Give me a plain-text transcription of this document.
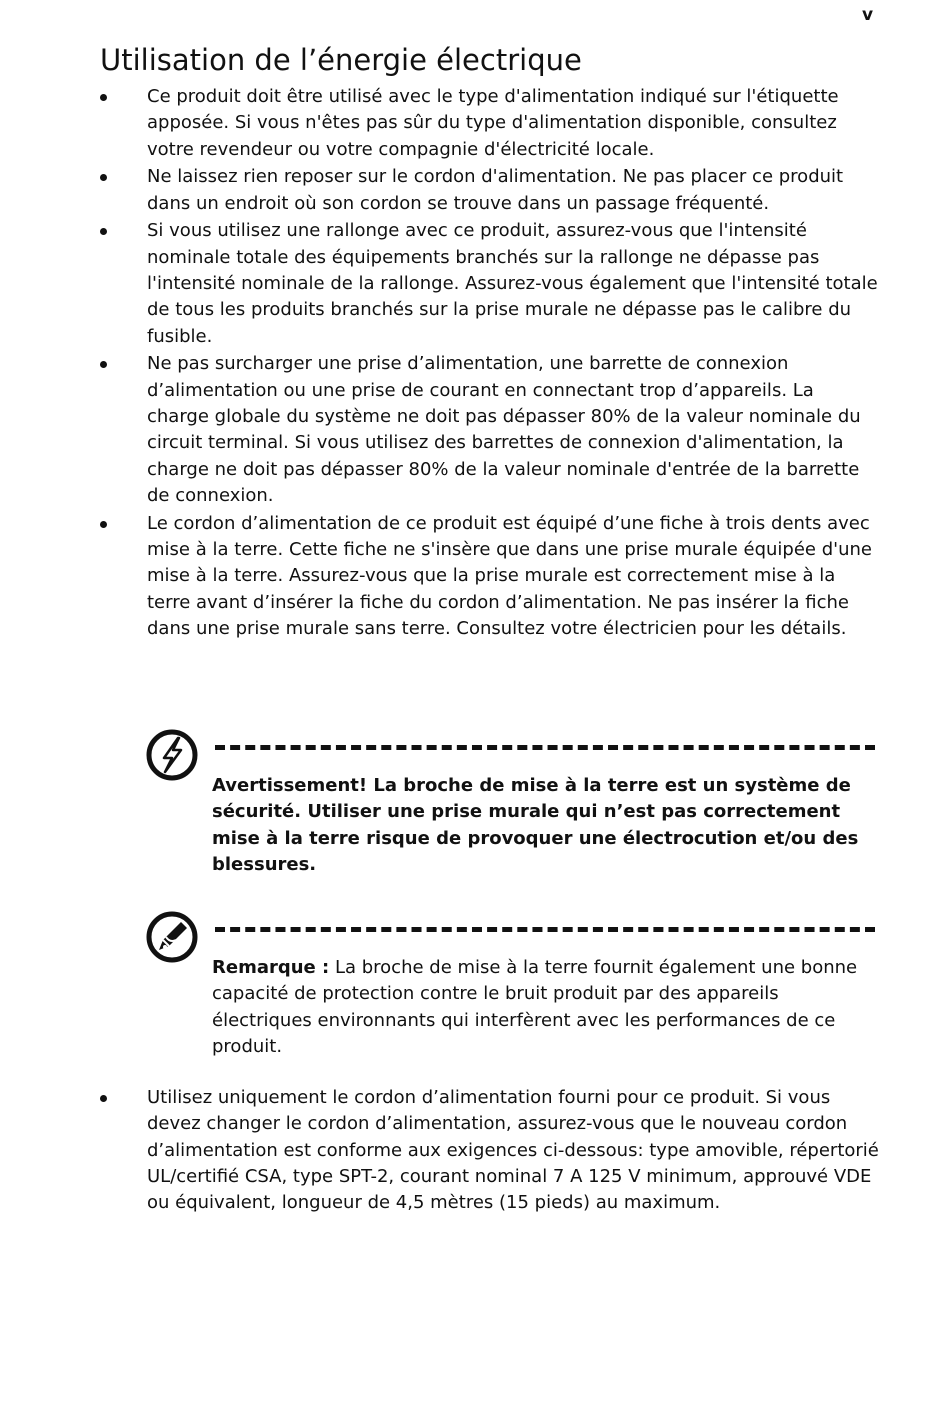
v
Utilisation de l’énergie électrique
Ce produit doit être utilisé avec le type d'alimentation indiqué sur l'étiquette apposée. Si vous n'êtes pas sûr du type d'alimentation disponible, consultez votre revendeur ou votre compagnie d'électricité locale.
Ne laissez rien reposer sur le cordon d'alimentation. Ne pas placer ce produit dans un endroit où son cordon se trouve dans un passage fréquenté.
Si vous utilisez une rallonge avec ce produit, assurez-vous que l'intensité nominale totale des équipements branchés sur la rallonge ne dépasse pas l'intensité nominale de la rallonge. Assurez-vous également que l'intensité totale de tous les produits branchés sur la prise murale ne dépasse pas le calibre du fusible.
Ne pas surcharger une prise d’alimentation, une barrette de connexion d’alimentation ou une prise de courant en connectant trop d’appareils. La charge globale du système ne doit pas dépasser 80% de la valeur nominale du circuit terminal. Si vous utilisez des barrettes de connexion d'alimentation, la charge ne doit pas dépasser 80% de la valeur nominale d'entrée de la barrette de connexion.
Le cordon d’alimentation de ce produit est équipé d’une fiche à trois dents avec mise à la terre. Cette fiche ne s'insère que dans une prise murale équipée d'une mise à la terre. Assurez-vous que la prise murale est correctement mise à la terre avant d’insérer la fiche du cordon d’alimentation. Ne pas insérer la fiche dans une prise murale sans terre. Consultez votre électricien pour les détails.
Avertissement! La broche de mise à la terre est un système de sécurité. Utiliser une prise murale qui n’est pas correctement mise à la terre risque de provoquer une électrocution et/ou des blessures.
Remarque : La broche de mise à la terre fournit également une bonne capacité de protection contre le bruit produit par des appareils électriques environnants qui interfèrent avec les performances de ce produit.
Utilisez uniquement le cordon d’alimentation fourni pour ce produit. Si vous devez changer le cordon d’alimentation, assurez-vous que le nouveau cordon d’alimentation est conforme aux exigences ci-dessous: type amovible, répertorié UL/certifié CSA, type SPT-2, courant nominal 7 A 125 V minimum, approuvé VDE ou équivalent, longueur de 4,5 mètres (15 pieds) au maximum.
